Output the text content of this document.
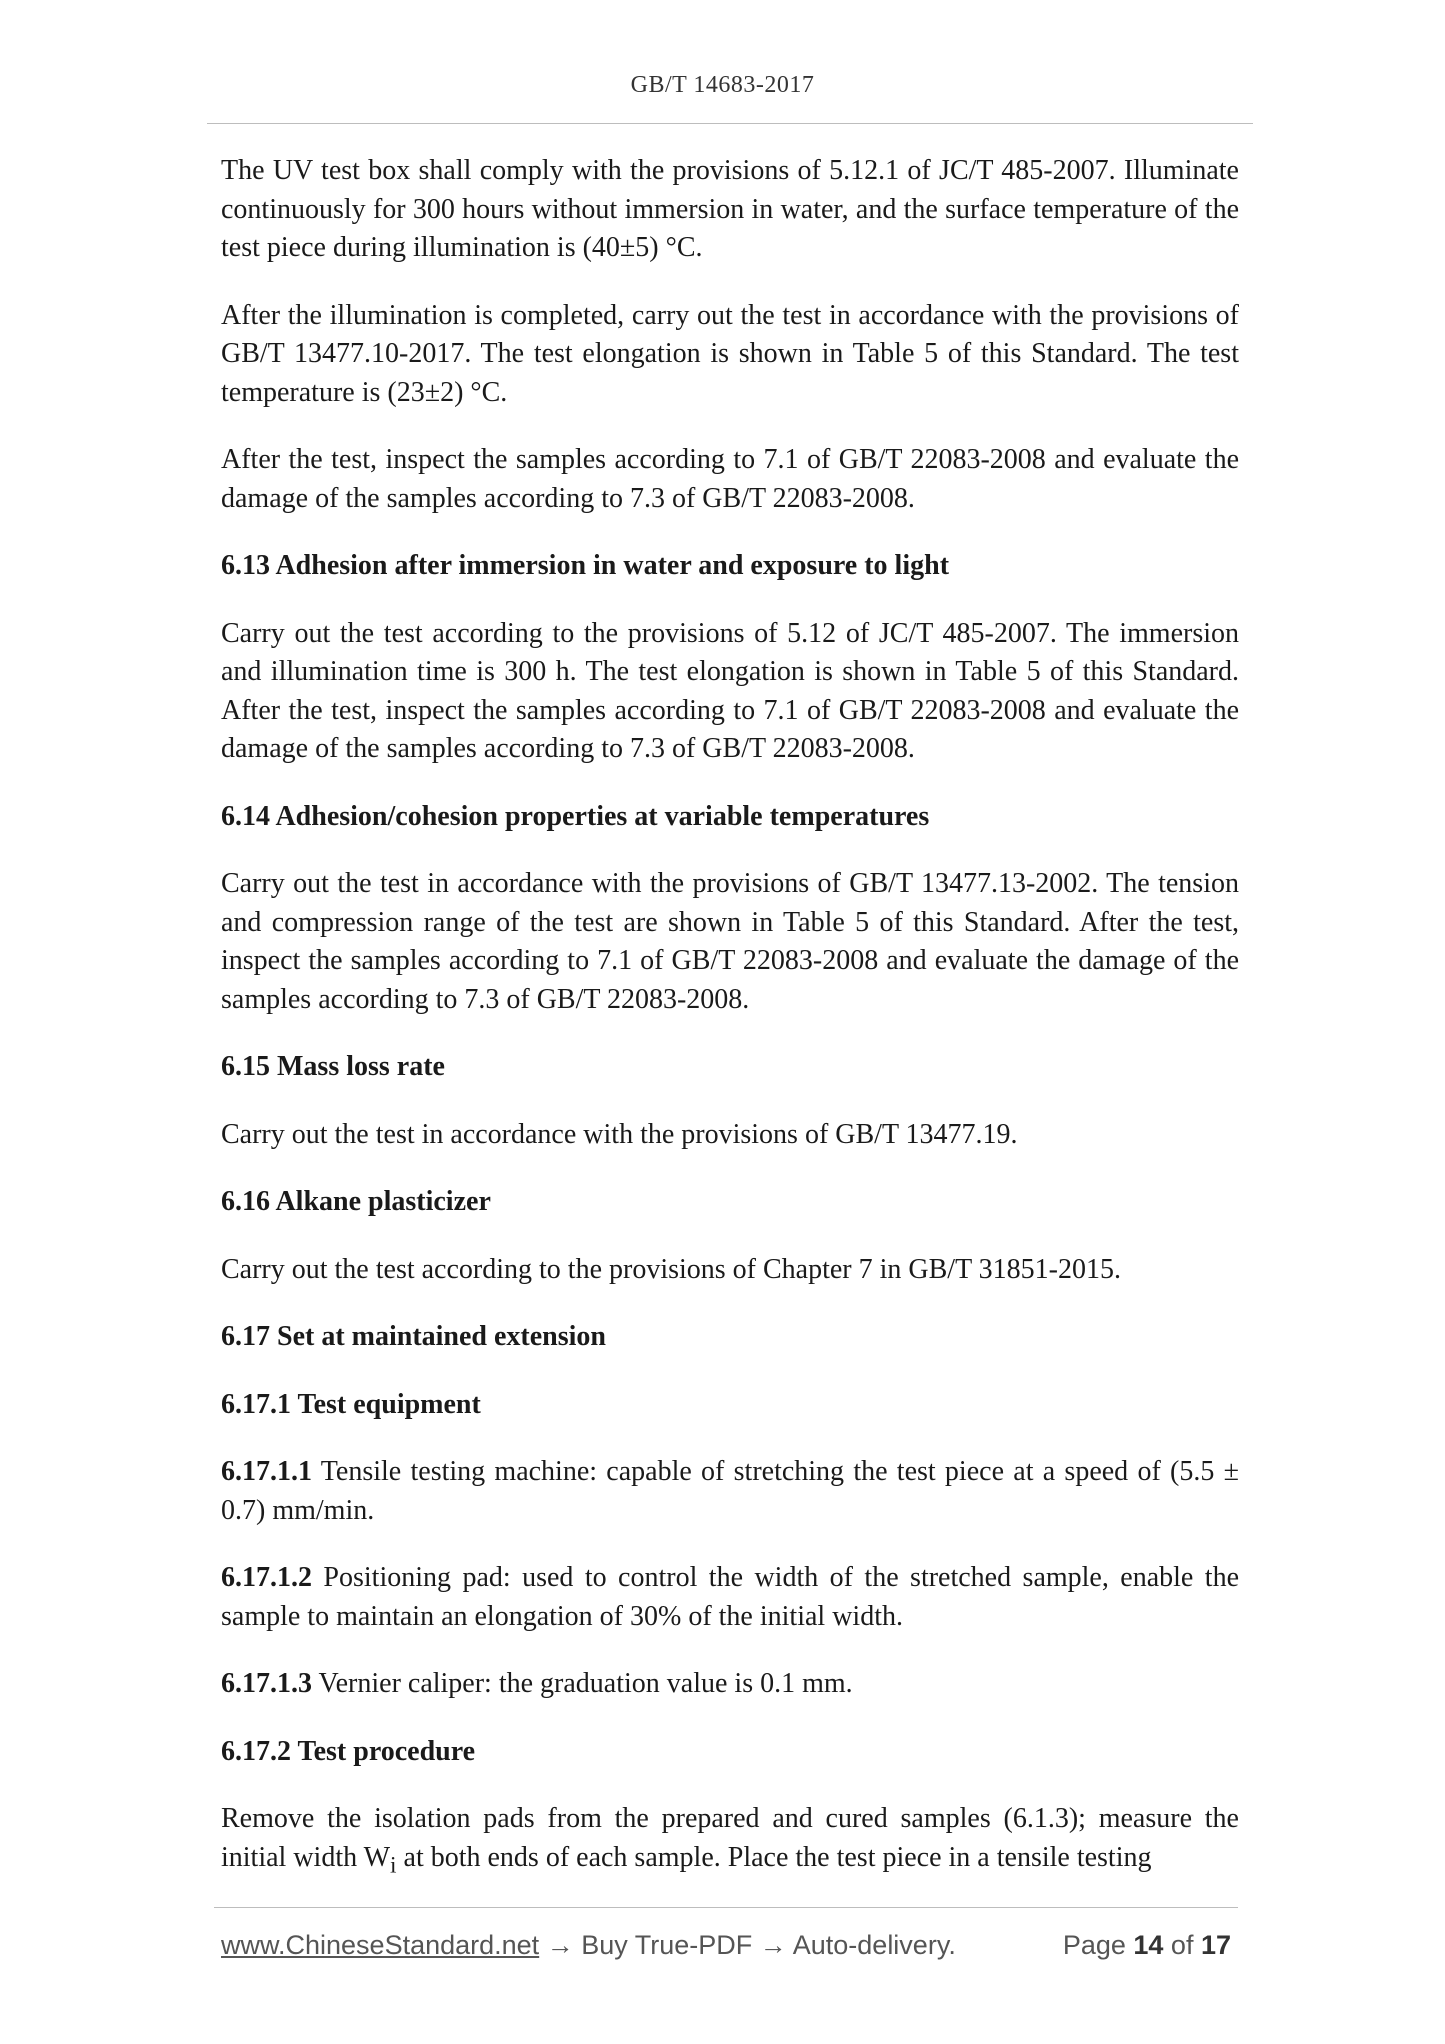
GB/T 14683-2017

The UV test box shall comply with the provisions of 5.12.1 of JC/T 485-2007. Illuminate continuously for 300 hours without immersion in water, and the surface temperature of the test piece during illumination is (40±5) °C.

After the illumination is completed, carry out the test in accordance with the provisions of GB/T 13477.10-2017. The test elongation is shown in Table 5 of this Standard. The test temperature is (23±2) °C.

After the test, inspect the samples according to 7.1 of GB/T 22083-2008 and evaluate the damage of the samples according to 7.3 of GB/T 22083-2008.

6.13 Adhesion after immersion in water and exposure to light

Carry out the test according to the provisions of 5.12 of JC/T 485-2007. The immersion and illumination time is 300 h. The test elongation is shown in Table 5 of this Standard. After the test, inspect the samples according to 7.1 of GB/T 22083-2008 and evaluate the damage of the samples according to 7.3 of GB/T 22083-2008.

6.14 Adhesion/cohesion properties at variable temperatures

Carry out the test in accordance with the provisions of GB/T 13477.13-2002. The tension and compression range of the test are shown in Table 5 of this Standard. After the test, inspect the samples according to 7.1 of GB/T 22083-2008 and evaluate the damage of the samples according to 7.3 of GB/T 22083-2008.

6.15 Mass loss rate

Carry out the test in accordance with the provisions of GB/T 13477.19.

6.16 Alkane plasticizer

Carry out the test according to the provisions of Chapter 7 in GB/T 31851-2015.

6.17 Set at maintained extension

6.17.1 Test equipment

6.17.1.1 Tensile testing machine: capable of stretching the test piece at a speed of (5.5 ± 0.7) mm/min.

6.17.1.2 Positioning pad: used to control the width of the stretched sample, enable the sample to maintain an elongation of 30% of the initial width.

6.17.1.3 Vernier caliper: the graduation value is 0.1 mm.

6.17.2 Test procedure

Remove the isolation pads from the prepared and cured samples (6.1.3); measure the initial width $W_i$ at both ends of each sample. Place the test piece in a tensile testing

www.ChineseStandard.net → Buy True-PDF → Auto-delivery.	Page 14 of 17
